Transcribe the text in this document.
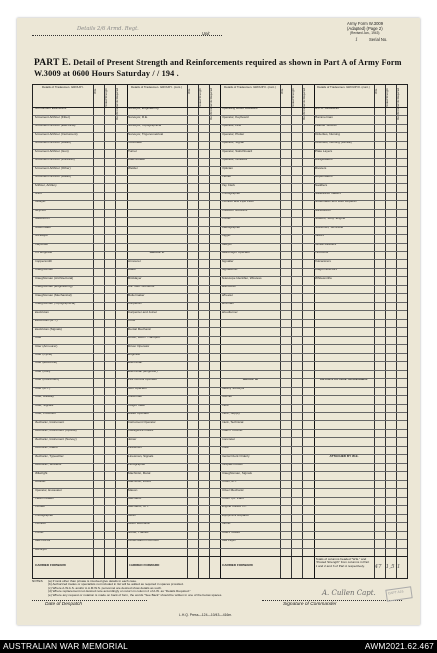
Details 2/6 Armd. Regt.
Unit
Army Form W.3009
(Adapted) (Page 2)
(Revised Jan., 1943)
1	Serial No.
PART E. Detail of Present Strength and Reinforcements required as shown in Part A of Army Form W.3009 at 0600 Hours Saturday / / 194 .
Details of Tradesmen. GROUP I.
W.E.	Posted Strength	Reinforcements Required
Ammunition Examiners
Armament Artificer (Fitter)
Armament Artificer (Electrical)
Armament Artificer (Instrument)
Armament Artificer (Radio)
Armament Artificer (Gun)
Armament Artificer (Wireless)
Armament Artificer (Other)
Armament Artificer (Radio)
Artificer, Artillery
Artist
Assayer
Bicyclist
Blacksmith
Boilermaker
Bricklayer
Carpenter
Ch. Engineer
Coppersmith
Draughtsman
Draughtsman (Architectural)
Draughtsman (Engineering)
Draughtsman (Mechanical)
Draughtsman (Topographical)
Electrician
Electrician (M.T.)
Electrician (Signals)
Fitter
Fitter (Armourer)
Fitter (Cycle)
Fitter (Electrical)
Fitter (Gun)
Fitter (Instrument)
Fitter (M.T.)
Fitter, Railway
Fitter, Signals
Fitter, Precision
Mechanic, Instrument
Mechanic, Instrument (Optical)
Mechanic, Instrument (Survey)
Mechanic, Radio
Mechanic, Typewriter
Mechanic, Wireless
Millwright
Moulder
Operator, Excavator
Pattern Maker
Pioneer
Photographer
Plumber
Printer
Saw Doctor
Surveyor
CARRIED FORWARD
Details of Tradesmen. GROUP I. (cont.)
W.E.	Posted Strength	Reinforcements Required
Surveyor, Engineering
Surveyor, R.E.
Surveyor, Topographical
Surveyor, Trigonometrical
Toolmaker
Turner
Watchmaker
Welder
GROUP II.
Armourer
Baker
Bricklayer
Clk. Gen. Accounts
Boilermaker
Carpenter
Carpenter and Joiner
Cook
Dental Mechanic
Driver, Mech. Transport
Driver Operator
Engineer
Electrician
Electrician (Engineer)
Fire Control Operator
Gun Operator
Hatchman
Height Taker
Radio Operator
Instrument Operator
Intelligence Duties
Joiner
Linesman
Linesman, Signals
Lithographer
Machinist, Metal
Machinist, Wood
Mason
Mechanic
Mechanic, M.T.
Miner
Motor Mechanic
Nurse, Trained
Observation Post Asst.
CARRIED FORWARD
Details of Tradesmen. GROUP II. (cont.)
W.E.	Posted Strength	Reinforcements Required
Operating Room Assistant
Operator, Keyboard
Operator, Line
Operator, Plotter
Operator, Signal
Operator, Switchboard
Operator, Wireless
Optician
Painter
Pay Clerk
Photographer
Plumber and Pipe Fitter
Predictor Numbers
Printer
Radiographer
Rigger
Sawyer
Searchlight Operator
Signaller
Signalwriter
Telescope Identifier, Wireless
Wall Borer
Wheeler
Wireman
Woodturner
GROUP III.
Battery Surveyor
Butcher
Clerk
Clerk, Supply
Clerk, Technical
Coach Trimmer
Concreter
Cook
Dental Clerk Orderly
Despatch Rider
Draughtsman, Signals
Driver, M.T.
Driver Mechanic
Driver Tpt. Plant
Engine Hands I.C.
Equipment Repairer
Farrier
Fitters' Mates
Gas Layer
CARRIED FORWARD
Details of Tradesmen. GROUP III. (cont.)
W.E.	Posted Strength	Reinforcements Required
G.P.O. Assistants
Hammerman
Leather Stitcher
Orderlies, Nursing
Orderlies, Nursing (Dental)
Plate Layers
Rangetakers
Riveters
Ropemakers
Saddlers
Saddletree makers
Shoemaker and Boot Repairer
Stevedores
Stokers, Stoly. Engine
Storeman, Technical
Tailors
Textile Refitters
Tinsmiths
Vulcanizers
Wagon Erectors
Whitesmiths
DETAILS OF NON-TRADESMEN.
ATTACHED BY W.E.
Totals of columns headed "W.E." and "Posted Strength" from columns in Part 1 and 2 and 3 of Part A respectively.	47 1,5 1
NOTES	(a) If rank other than private is involved give details in each case.
(b) Authorized trades or specialists not included in list will be added as required in spaces provided.
(c) Where A.W.A.S. and/or A.A.M.W.S. personnel are desired show details as such.
(d) Where replacement not desired note accordingly on return in column 2 of A.W. as "Details Required."
(e) Where any request or notation is made on back of form, the words "See Back" should be written in one of the below spaces.
Date of Despatch
A. Cullen Capt.
Signature of Commander
CAPT A16
L.H.Q. Press—124—10/43—416m.
AUSTRALIAN WAR MEMORIAL	AWM2021.62.467
